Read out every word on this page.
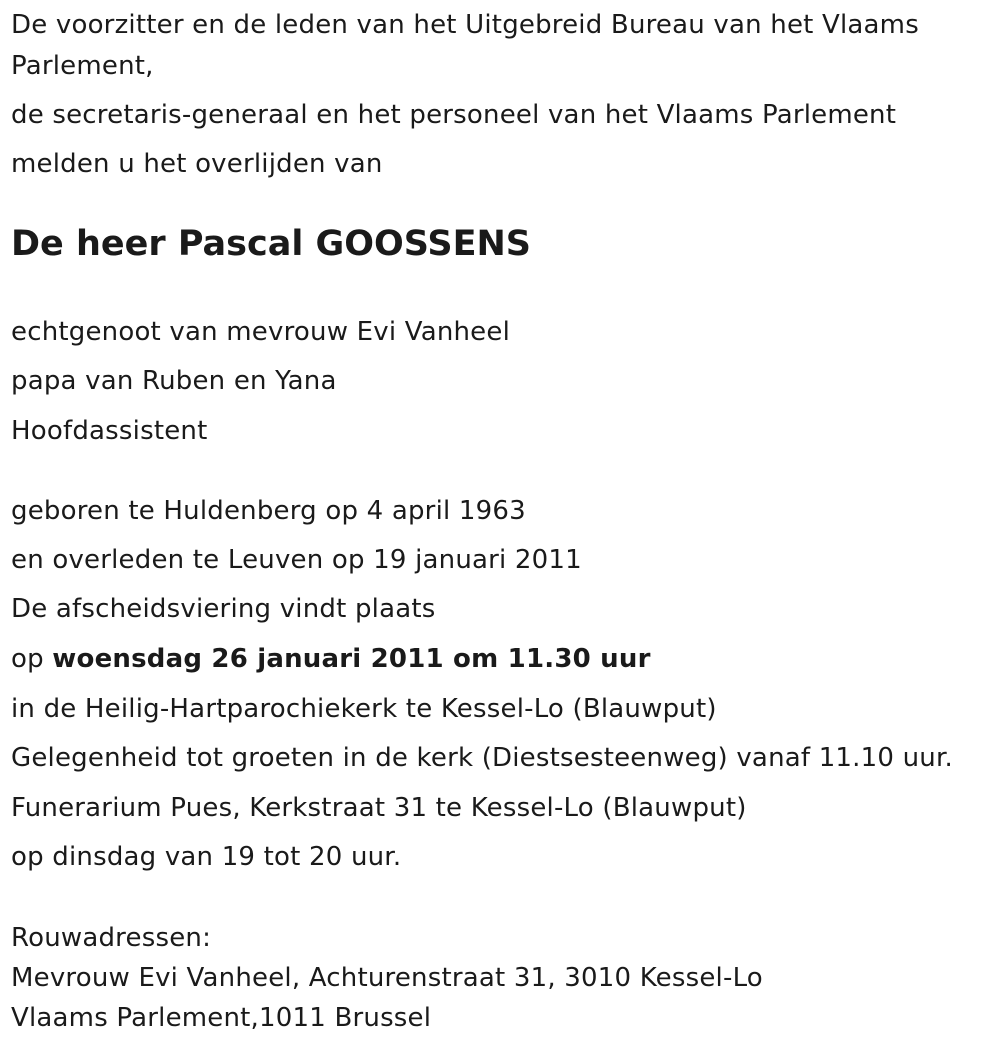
De voorzitter en de leden van het Uitgebreid Bureau van het Vlaams
Parlement,
de secretaris-generaal en het personeel van het Vlaams Parlement
melden u het overlijden van
De heer Pascal GOOSSENS
echtgenoot van mevrouw Evi Vanheel
papa van Ruben en Yana
Hoofdassistent
geboren te Huldenberg op 4 april 1963
en overleden te Leuven op 19 januari 2011
De afscheidsviering vindt plaats
op woensdag 26 januari 2011 om 11.30 uur
in de Heilig-Hartparochiekerk te Kessel-Lo (Blauwput)
Gelegenheid tot groeten in de kerk (Diestsesteenweg) vanaf 11.10 uur.
Funerarium Pues, Kerkstraat 31 te Kessel-Lo (Blauwput)
op dinsdag van 19 tot 20 uur.
Rouwadressen:
Mevrouw Evi Vanheel, Achturenstraat 31, 3010 Kessel-Lo
Vlaams Parlement,1011 Brussel
